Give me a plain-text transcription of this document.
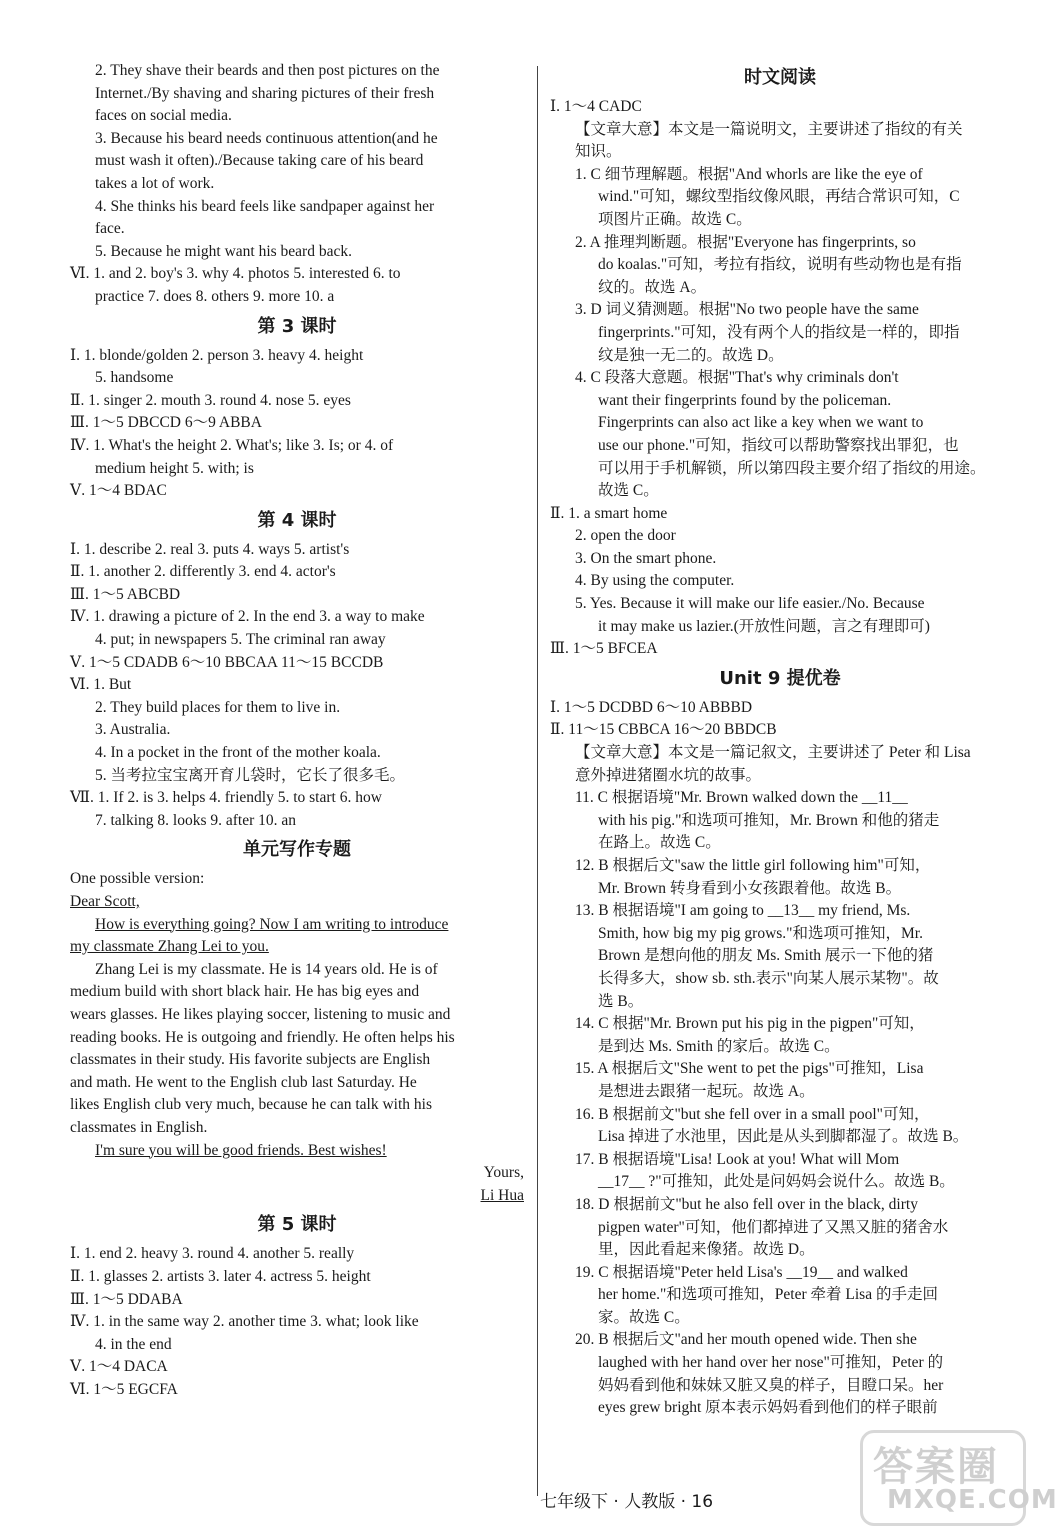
2. They shave their beards and then post pictures on the
Internet./By shaving and sharing pictures of their fresh
faces on social media.
3. Because his beard needs continuous attention(and he
must wash it often)./Because taking care of his beard
takes a lot of work.
4. She thinks his beard feels like sandpaper against her
face.
5. Because he might want his beard back.
Ⅵ. 1. and 2. boy's 3. why 4. photos 5. interested 6. to
practice 7. does 8. others 9. more 10. a
第 3 课时
Ⅰ. 1. blonde/golden 2. person 3. heavy 4. height
5. handsome
Ⅱ. 1. singer 2. mouth 3. round 4. nose 5. eyes
Ⅲ. 1～5 DBCCD 6～9 ABBA
Ⅳ. 1. What's the height 2. What's; like 3. Is; or 4. of
medium height 5. with; is
Ⅴ. 1～4 BDAC
第 4 课时
Ⅰ. 1. describe 2. real 3. puts 4. ways 5. artist's
Ⅱ. 1. another 2. differently 3. end 4. actor's
Ⅲ. 1～5 ABCBD
Ⅳ. 1. drawing a picture of 2. In the end 3. a way to make
4. put; in newspapers 5. The criminal ran away
Ⅴ. 1～5 CDADB 6～10 BBCAA 11～15 BCCDB
Ⅵ. 1. But
2. They build places for them to live in.
3. Australia.
4. In a pocket in the front of the mother koala.
5. 当考拉宝宝离开育儿袋时，它长了很多毛。
Ⅶ. 1. If 2. is 3. helps 4. friendly 5. to start 6. how
7. talking 8. looks 9. after 10. an
单元写作专题
One possible version:
Dear Scott,
How is everything going? Now I am writing to introduce
my classmate Zhang Lei to you.
Zhang Lei is my classmate. He is 14 years old. He is of
medium build with short black hair. He has big eyes and
wears glasses. He likes playing soccer, listening to music and
reading books. He is outgoing and friendly. He often helps his
classmates in their study. His favorite subjects are English
and math. He went to the English club last Saturday. He
likes English club very much, because he can talk with his
classmates in English.
I'm sure you will be good friends. Best wishes!
Yours,
Li Hua
第 5 课时
Ⅰ. 1. end 2. heavy 3. round 4. another 5. really
Ⅱ. 1. glasses 2. artists 3. later 4. actress 5. height
Ⅲ. 1～5 DDABA
Ⅳ. 1. in the same way 2. another time 3. what; look like
4. in the end
Ⅴ. 1～4 DACA
Ⅵ. 1～5 EGCFA
时文阅读
Ⅰ. 1～4 CADC
【文章大意】本文是一篇说明文，主要讲述了指纹的有关
知识。
1. C 细节理解题。根据"And whorls are like the eye of
wind."可知，螺纹型指纹像风眼，再结合常识可知，C
项图片正确。故选 C。
2. A 推理判断题。根据"Everyone has fingerprints, so
do koalas."可知，考拉有指纹，说明有些动物也是有指
纹的。故选 A。
3. D 词义猜测题。根据"No two people have the same
fingerprints."可知，没有两个人的指纹是一样的，即指
纹是独一无二的。故选 D。
4. C 段落大意题。根据"That's why criminals don't
want their fingerprints found by the policeman.
Fingerprints can also act like a key when we want to
use our phone."可知，指纹可以帮助警察找出罪犯，也
可以用于手机解锁，所以第四段主要介绍了指纹的用途。
故选 C。
Ⅱ. 1. a smart home
2. open the door
3. On the smart phone.
4. By using the computer.
5. Yes. Because it will make our life easier./No. Because
it may make us lazier.(开放性问题，言之有理即可)
Ⅲ. 1～5 BFCEA
Unit 9 提优卷
Ⅰ. 1～5 DCDBD 6～10 ABBBD
Ⅱ. 11～15 CBBCA 16～20 BBDCB
【文章大意】本文是一篇记叙文，主要讲述了 Peter 和 Lisa
意外掉进猪圈水坑的故事。
11. C 根据语境"Mr. Brown walked down the __11__
with his pig."和选项可推知，Mr. Brown 和他的猪走
在路上。故选 C。
12. B 根据后文"saw the little girl following him"可知，
Mr. Brown 转身看到小女孩跟着他。故选 B。
13. B 根据语境"I am going to __13__ my friend, Ms.
Smith, how big my pig grows."和选项可推知，Mr.
Brown 是想向他的朋友 Ms. Smith 展示一下他的猪
长得多大，show sb. sth.表示"向某人展示某物"。故
选 B。
14. C 根据"Mr. Brown put his pig in the pigpen"可知，
是到达 Ms. Smith 的家后。故选 C。
15. A 根据后文"She went to pet the pigs"可推知，Lisa
是想进去跟猪一起玩。故选 A。
16. B 根据前文"but she fell over in a small pool"可知，
Lisa 掉进了水池里，因此是从头到脚都湿了。故选 B。
17. B 根据语境"Lisa! Look at you! What will Mom
__17__ ?"可推知，此处是问妈妈会说什么。故选 B。
18. D 根据前文"but he also fell over in the black, dirty
pigpen water"可知，他们都掉进了又黑又脏的猪舍水
里，因此看起来像猪。故选 D。
19. C 根据语境"Peter held Lisa's __19__ and walked
her home."和选项可推知，Peter 牵着 Lisa 的手走回
家。故选 C。
20. B 根据后文"and her mouth opened wide. Then she
laughed with her hand over her nose"可推知，Peter 的
妈妈看到他和妹妹又脏又臭的样子，目瞪口呆。her
eyes grew bright 原本表示妈妈看到他们的样子眼前
七年级下 · 人教版 · 16
答案圈
MXQE.COM
